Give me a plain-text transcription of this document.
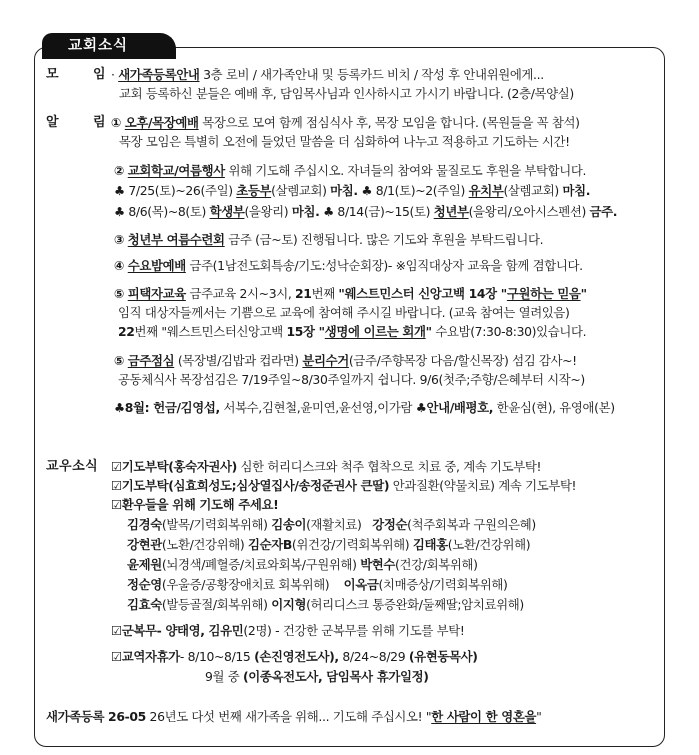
교회소식
모	임 · 새가족등록안내 3층 로비 / 새가족안내 및 등록카드 비치 / 작성 후 안내위원에게...
교회 등록하신 분들은 예배 후, 담임목사님과 인사하시고 가시기 바랍니다. (2층/목양실)
알	림 ① 오후/목장예배 목장으로 모여 함께 점심식사 후, 목장 모임을 합니다. (목원들을 꼭 참석)
목장 모임은 특별히 오전에 들었던 말씀을 더 심화하여 나누고 적용하고 기도하는 시간!
② 교회학교/여름행사 위해 기도해 주십시오. 자녀들의 참여와 물질로도 후원을 부탁합니다.
♣ 7/25(토)~26(주일) 초등부(살렘교회) 마침. ♣ 8/1(토)~2(주일) 유치부(살렘교회) 마침.
♣ 8/6(목)~8(토) 학생부(을왕리) 마침. ♣ 8/14(금)~15(토) 청년부(을왕리/오아시스펜션) 금주.
③ 청년부 여름수련회 금주 (금~토) 진행됩니다. 많은 기도와 후원을 부탁드립니다.
④ 수요밤예배 금주(1남전도회특송/기도:성낙순회장)- ※임직대상자 교육을 함께 겸합니다.
⑤ 피택자교육 금주교육 2시~3시, 21번째 "웨스트민스터 신앙고백 14장 "구원하는 믿음"
임직 대상자들께서는 기쁨으로 교육에 참여해 주시길 바랍니다. (교육 참여는 열려있음)
22번째 "웨스트민스터신앙고백 15장 "생명에 이르는 회개" 수요밤(7:30-8:30)있습니다.
⑤ 금주점심 (목장별/김밥과 컵라면) 분리수거(금주/주향목장 다음/할신목장) 섬김 감사~!
공동체식사 목장섬김은 7/19주일~8/30주일까지 쉽니다. 9/6(첫주;주향/은혜부터 시작~)
♣8월: 헌금/김영섭, 서복수,김현철,윤미연,윤선영,이가람 ♣안내/배평호, 한윤심(현), 유영애(본)
교우소식 ☑기도부탁(홍숙자권사) 심한 허리디스크와 척주 협착으로 치료 중, 계속 기도부탁!
☑기도부탁(심효희성도;심상열집사/송정준권사 큰딸) 안과질환(약물치료) 계속 기도부탁!
☑환우들을 위해 기도해 주세요!
김경숙(발목/기력회복위해) 김송이(재활치료) 강정순(척주회복과 구원의은혜)
강현관(노환/건강위해) 김순자B(위건강/기력회복위해) 김태홍(노환/건강위해)
윤제원(뇌경색/폐혈증/치료와회복/구원위해) 박현수(건강/회복위해)
정순영(우울증/공황장애치료 회복위해) 이옥금(치매증상/기력회복위해)
김효숙(발등골절/회복위해) 이지형(허리디스크 통증완화/둘째딸;암치료위해)
☑군복무- 양태영, 김유민(2명) - 건강한 군복무를 위해 기도를 부탁!
☑교역자휴가- 8/10~8/15 (손진영전도사), 8/24~8/29 (유현동목사)
9월 중 (이종옥전도사, 담임목사 휴가일정)
새가족등록 26-05 26년도 다섯 번째 새가족을 위해... 기도해 주십시오! "한 사람이 한 영혼을"
